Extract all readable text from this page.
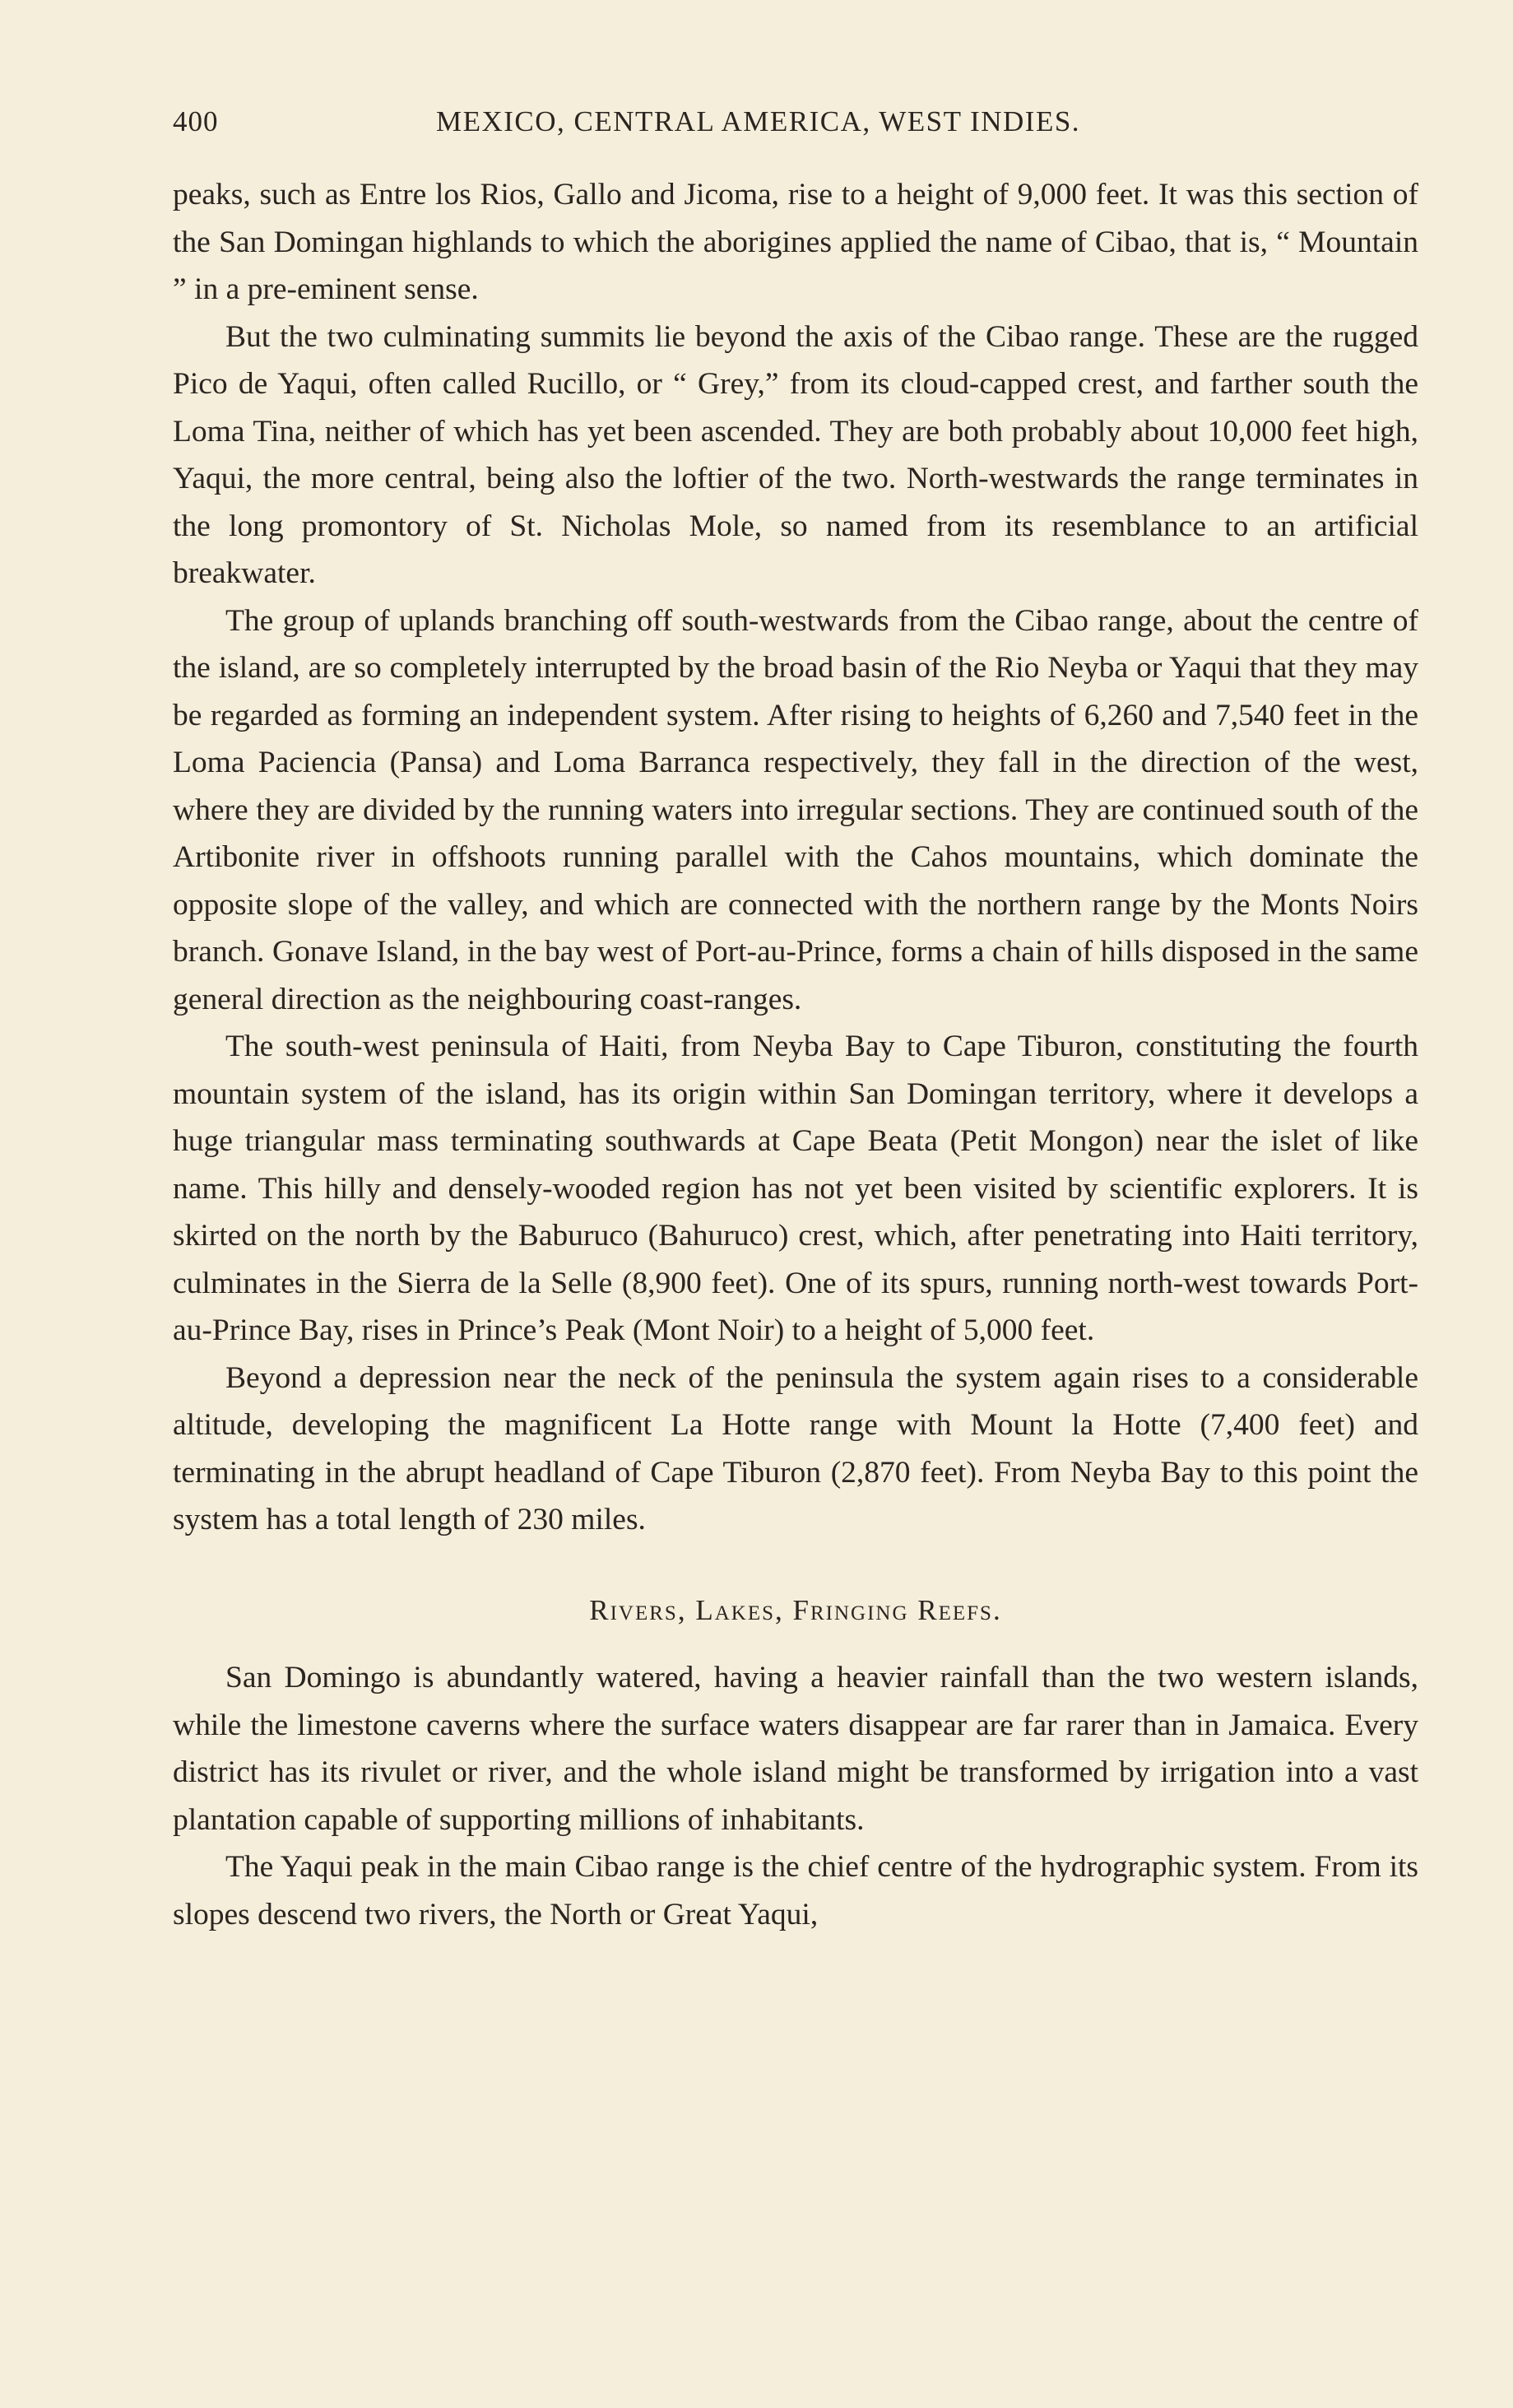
400	MEXICO, CENTRAL AMERICA, WEST INDIES.

peaks, such as Entre los Rios, Gallo and Jicoma, rise to a height of 9,000 feet. It was this section of the San Domingan highlands to which the aborigines applied the name of Cibao, that is, “ Mountain ” in a pre-eminent sense.

But the two culminating summits lie beyond the axis of the Cibao range. These are the rugged Pico de Yaqui, often called Rucillo, or “ Grey,” from its cloud-capped crest, and farther south the Loma Tina, neither of which has yet been ascended. They are both probably about 10,000 feet high, Yaqui, the more central, being also the loftier of the two. North-westwards the range terminates in the long promontory of St. Nicholas Mole, so named from its resemblance to an artificial breakwater.

The group of uplands branching off south-westwards from the Cibao range, about the centre of the island, are so completely interrupted by the broad basin of the Rio Neyba or Yaqui that they may be regarded as forming an independent system. After rising to heights of 6,260 and 7,540 feet in the Loma Paciencia (Pansa) and Loma Barranca respectively, they fall in the direction of the west, where they are divided by the running waters into irregular sections. They are continued south of the Artibonite river in offshoots running parallel with the Cahos mountains, which dominate the opposite slope of the valley, and which are connected with the northern range by the Monts Noirs branch. Gonave Island, in the bay west of Port-au-Prince, forms a chain of hills disposed in the same general direction as the neighbouring coast-ranges.

The south-west peninsula of Haiti, from Neyba Bay to Cape Tiburon, constituting the fourth mountain system of the island, has its origin within San Domingan territory, where it develops a huge triangular mass terminating southwards at Cape Beata (Petit Mongon) near the islet of like name. This hilly and densely-wooded region has not yet been visited by scientific explorers. It is skirted on the north by the Baburuco (Bahuruco) crest, which, after penetrating into Haiti territory, culminates in the Sierra de la Selle (8,900 feet). One of its spurs, running north-west towards Port-au-Prince Bay, rises in Prince’s Peak (Mont Noir) to a height of 5,000 feet.

Beyond a depression near the neck of the peninsula the system again rises to a considerable altitude, developing the magnificent La Hotte range with Mount la Hotte (7,400 feet) and terminating in the abrupt headland of Cape Tiburon (2,870 feet). From Neyba Bay to this point the system has a total length of 230 miles.

Rivers, Lakes, Fringing Reefs.

San Domingo is abundantly watered, having a heavier rainfall than the two western islands, while the limestone caverns where the surface waters disappear are far rarer than in Jamaica. Every district has its rivulet or river, and the whole island might be transformed by irrigation into a vast plantation capable of supporting millions of inhabitants.

The Yaqui peak in the main Cibao range is the chief centre of the hydrographic system. From its slopes descend two rivers, the North or Great Yaqui,
